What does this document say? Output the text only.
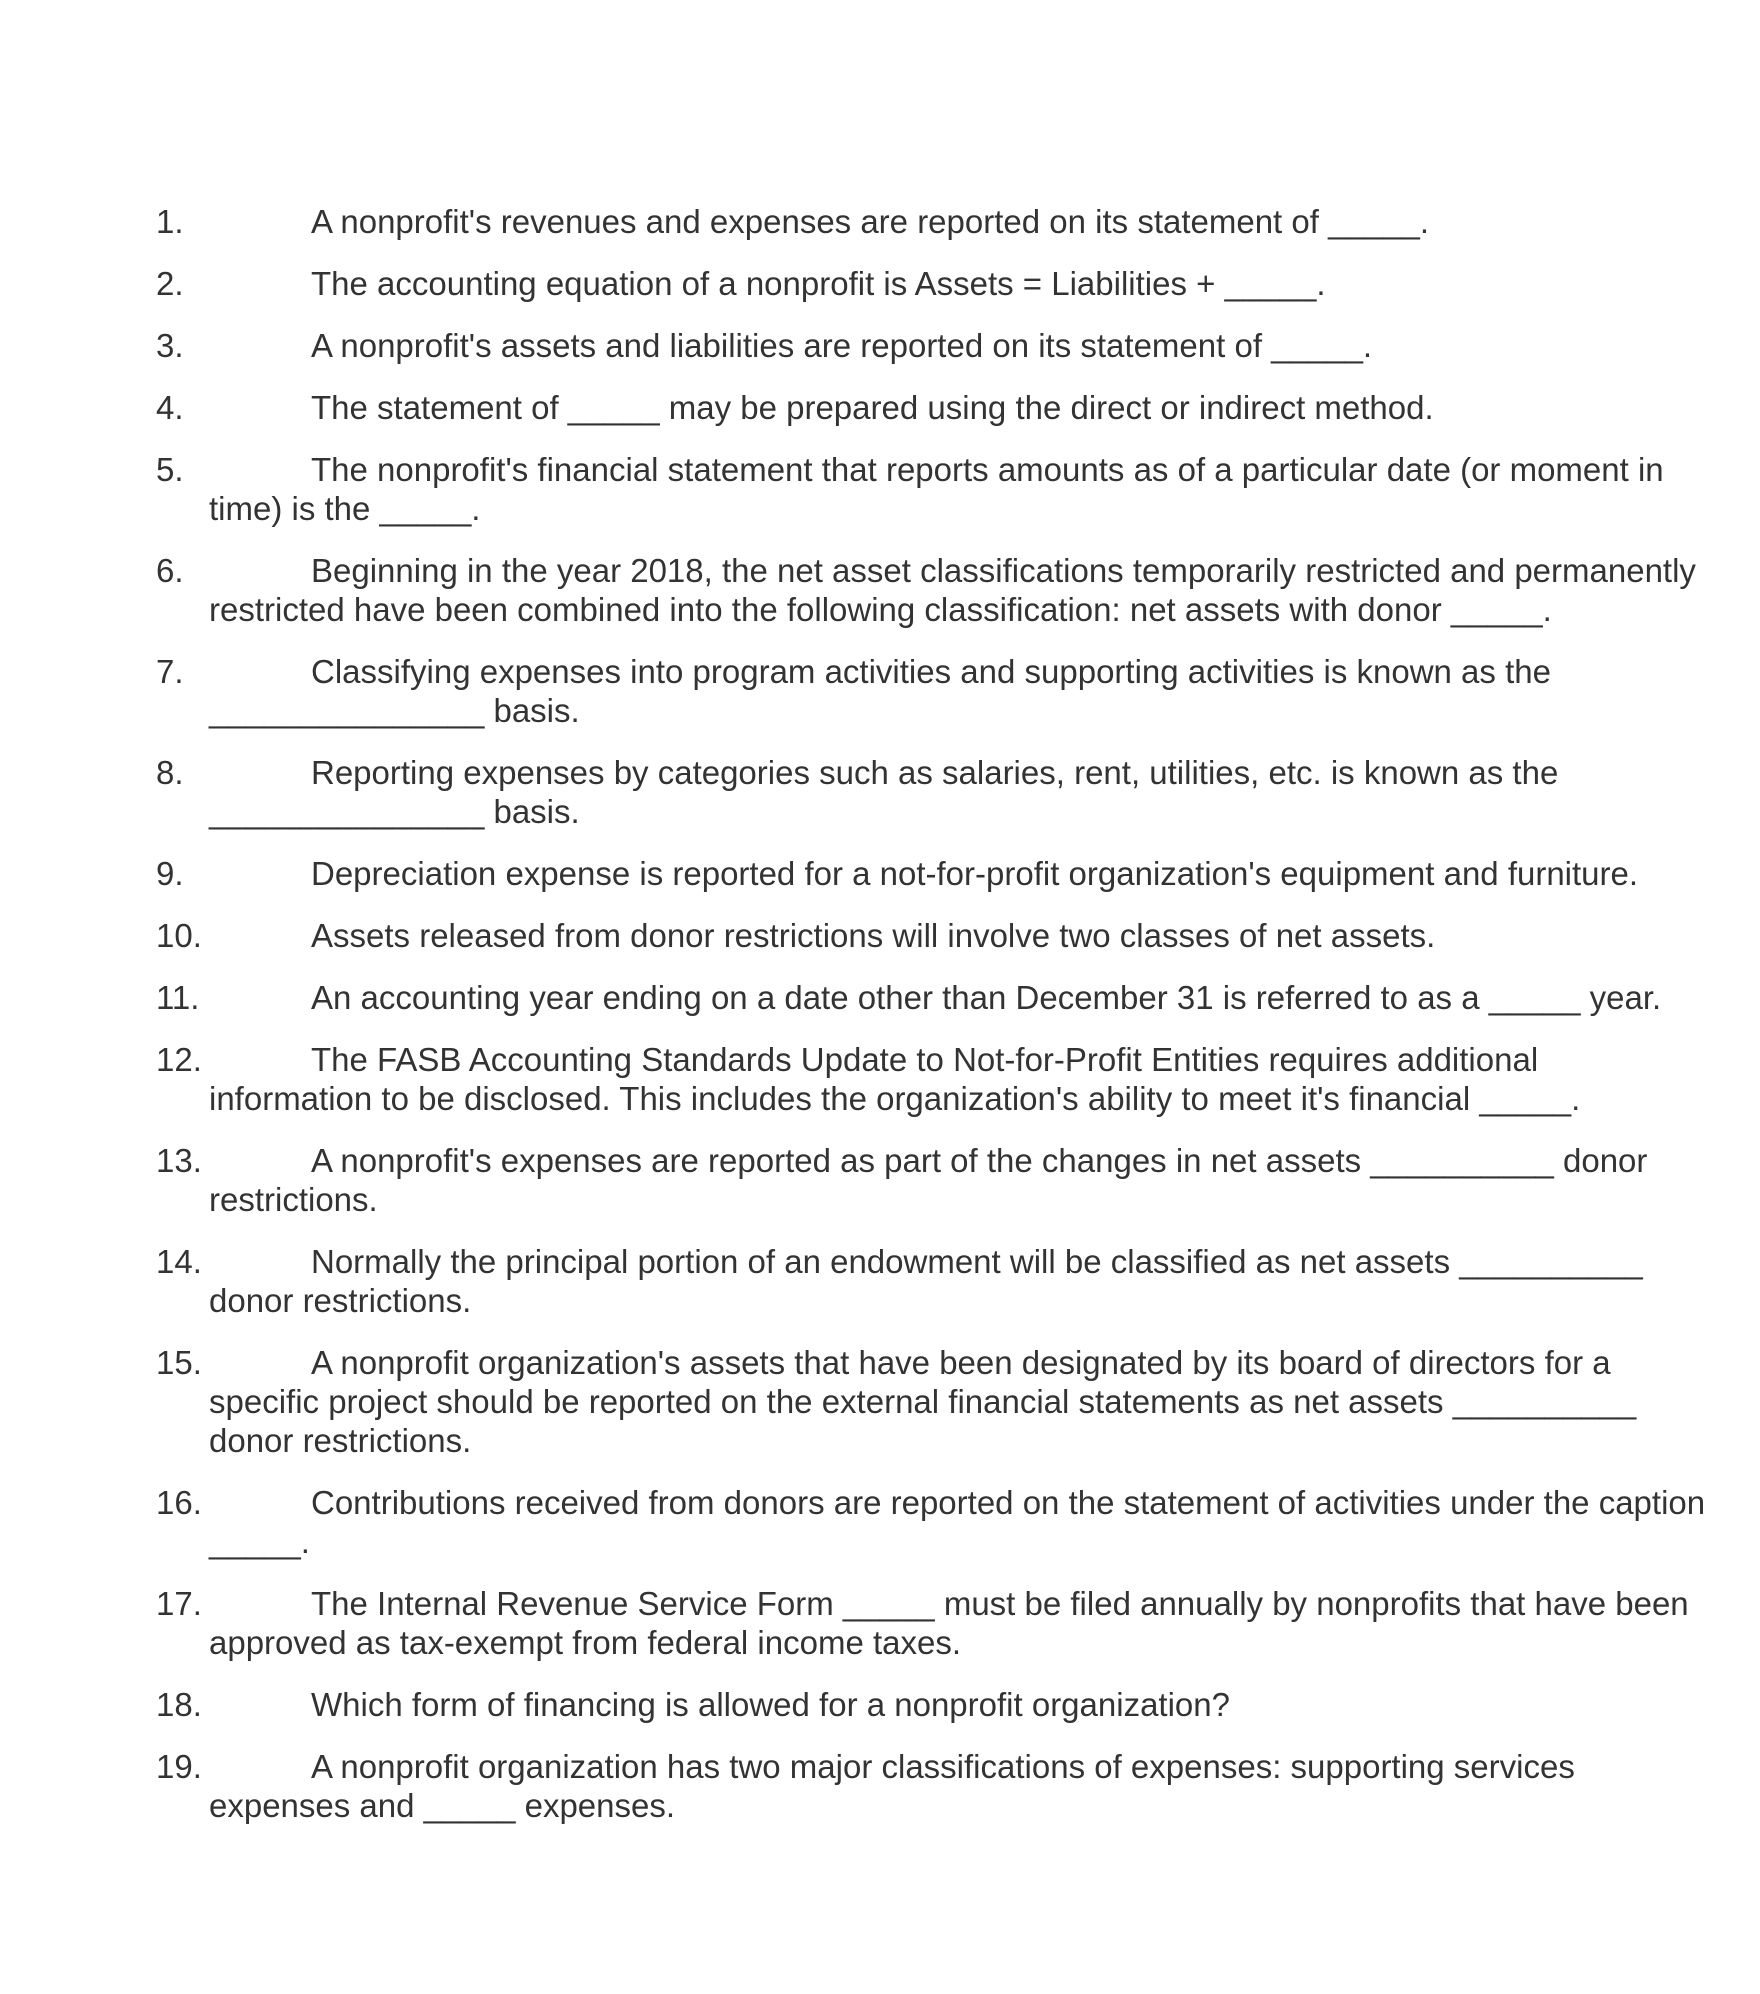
1.	A nonprofit's revenues and expenses are reported on its statement of _____.
2.	The accounting equation of a nonprofit is Assets = Liabilities + _____.
3.	A nonprofit's assets and liabilities are reported on its statement of _____.
4.	The statement of _____ may be prepared using the direct or indirect method.
5.	The nonprofit's financial statement that reports amounts as of a particular date (or moment in time) is the _____.
6.	Beginning in the year 2018, the net asset classifications temporarily restricted and permanently restricted have been combined into the following classification: net assets with donor _____.
7.	Classifying expenses into program activities and supporting activities is known as the _______________ basis.
8.	Reporting expenses by categories such as salaries, rent, utilities, etc. is known as the _______________ basis.
9.	Depreciation expense is reported for a not-for-profit organization's equipment and furniture.
10.	Assets released from donor restrictions will involve two classes of net assets.
11.	An accounting year ending on a date other than December 31 is referred to as a _____ year.
12.	The FASB Accounting Standards Update to Not-for-Profit Entities requires additional information to be disclosed. This includes the organization's ability to meet it's financial _____.
13.	A nonprofit's expenses are reported as part of the changes in net assets __________ donor restrictions.
14.	Normally the principal portion of an endowment will be classified as net assets __________ donor restrictions.
15.	A nonprofit organization's assets that have been designated by its board of directors for a specific project should be reported on the external financial statements as net assets __________ donor restrictions.
16.	Contributions received from donors are reported on the statement of activities under the caption _____.
17.	The Internal Revenue Service Form _____ must be filed annually by nonprofits that have been approved as tax-exempt from federal income taxes.
18.	Which form of financing is allowed for a nonprofit organization?
19.	A nonprofit organization has two major classifications of expenses: supporting services expenses and _____ expenses.
